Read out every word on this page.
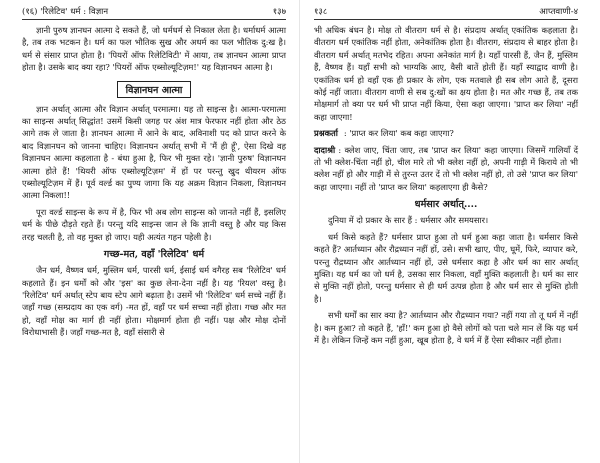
(१६) 'रिलेटिव' धर्म : विज्ञान	१३७

ज्ञानी पुरुष ज्ञानघन आत्मा दे सकते हैं, जो धर्मधर्म से निकाल लेता है। धर्माधर्म आत्मा है, तब तक भटकन है। धर्म का फल भौतिक सुख और अधर्म का फल भौतिक दु:ख है। धर्म से संसार प्राप्त होता है। 'पियरों ऑफ रिलेटिविटी' में आया, तब ज्ञानघन आत्मा प्राप्त होता है। उसके बाद क्या रहा? 'पियरों ऑफ एब्सोल्यूटिज़म!' यह विज्ञानघन आत्मा है।

विज्ञानघन आत्मा

ज्ञान अर्थात् आत्मा और विज्ञान अर्थात् परमात्मा। यह तो साइन्स है। आत्मा-परमात्मा का साइन्स अर्थात् सिद्धांत! उसमें किसी जगह पर अंश मात्र फेरफार नहीं होता और ठेठ आगे तक ले जाता है। ज्ञानघन आत्मा में आने के बाद, अविनाशी पद को प्राप्त करने के बाद विज्ञानघन को जानना चाहिए। विज्ञानघन अर्थात् सभी में 'मैं ही हूँ', ऐसा दिखे वह विज्ञानघन आत्मा कहलाता है - बंधा हुआ है, फिर भी मुक्त रहे। 'ज्ञानी पुरुष' विज्ञानघन आत्मा होते हैं! 'थियरी ऑफ एब्सोल्यूटिज़म' में हों पर परन्तु खुद थीयरम ऑफ एब्सोल्यूटिज़म में हैं। पूर्व वर्ल्ड का पुण्य जागा कि यह अक्रम विज्ञान निकला, विज्ञानघन आत्मा निकला!!

पूरा वर्ल्ड साइन्स के रूप में है, फिर भी अब लोग साइन्स को जानते नहीं हैं, इसलिए धर्म के पीछे दौड़ते रहते हैं। परन्तु यदि साइन्स जान ले कि ज्ञानी वस्तु है और यह किस तरह चलती है, तो वह मुक्त हो जाए। यही अत्यंत गहन पहेली है।

गच्छ-मत, वहाँ 'रिलेटिव' धर्म

जैन धर्म, वैष्णव धर्म, मुस्लिम धर्म, पारसी धर्म, ईसाई धर्म वगैरह सब 'रिलेटिव' धर्म कहलाते हैं। इन धर्मों को और 'इस' का कुछ लेना-देना नहीं है। यह 'रियल' वस्तु है। 'रिलेटिव' धर्म अर्थात् स्टेप बाय स्टेप आगे बढ़ाता है। उसमें भी 'रिलेटिव' धर्म सच्चे नहीं हैं। जहाँ गच्छ (सम्प्रदाय का एक वर्ग) -मत हों, वहाँ पर धर्म सच्चा नहीं होता। गच्छ और मत हो, वहाँ मोक्ष का मार्ग ही नहीं होता। मोक्षमार्ग होता ही नहीं। पक्ष और मोक्ष दोनों विरोधाभासी हैं। जहाँ गच्छ-मत है, वहाँ संसारी से

१३८	आप्तवाणी-४

भी अधिक बंधन है। मोक्ष तो वीतराग धर्म से है। संप्रदाय अर्थात् एकांतिक कहलाता है। वीतराग धर्म एकांतिक नहीं होता, अनेकांतिक होता है। वीतराग, संप्रदाय से बाहर होता है। वीतराग धर्म अर्थात् मतभेद रहित। अपना अनेकांत मार्ग है। यहाँ पारसी हैं, जैन हैं, मुस्लिम हैं, वैष्णव हैं। यहाँ सभी को भाग्यकि आए, वैसी बातें होती हैं। यहाँ स्याद्वाद वाणी है। एकांतिक धर्म हो वहाँ एक ही प्रकार के लोग, एक मतवाले ही सब लोग आते हैं, दूसरा कोई नहीं जाता। वीतराग वाणी से सब दु:खों का क्षय होता है। मत और गच्छ हैं, तब तक मोक्षमार्ग तो क्या पर धर्म भी प्राप्त नहीं किया, ऐसा कहा जाएगा। 'प्राप्त कर लिया' नहीं कहा जाएगा!

प्रश्नकर्ता : 'प्राप्त कर लिया' कब कहा जाएगा?

दादाश्री : क्लेश जाए, चिंता जाए, तब 'प्राप्त कर लिया' कहा जाएगा। जिसमें गालियाँ दें तो भी क्लेश-चिंता नहीं हो, चील मारे तो भी क्लेश नहीं हो, अपनी गाड़ी में किराये तो भी क्लेश नहीं हो और गाड़ी में से तुरन्त उतर दें तो भी क्लेश नहीं हो, तो उसे 'प्राप्त कर लिया' कहा जाएगा। नहीं तो 'प्राप्त कर लिया' कहलाएगा ही कैसे?

धर्मसार अर्थात्....

दुनिया में दो प्रकार के सार हैं : धर्मसार और समयसार।

धर्म किसे कहते हैं? धर्मसार प्राप्त हुआ तो धर्म हुआ कहा जाता है। धर्मसार किसे कहते हैं? आर्तध्यान और रौद्रध्यान नहीं हों, उसे। सभी खाए, पीए, घूमें, फिरे, व्यापार करे, परन्तु रौद्रध्यान और आर्तध्यान नहीं हों, उसे धर्मसार कहा है और धर्म का सार अर्थात् मुक्ति। यह धर्म का जो धर्म है, उसका सार निकला, वहाँ मुक्ति कहलाती है। धर्म का सार से मुक्ति नहीं होतो, परन्तु धर्मसार से ही धर्म उत्पन्न होता है और धर्म सार से मुक्ति होती है।

सभी धर्मों का सार क्या है? आर्तध्यान और रौद्रध्यान गया? नहीं गया तो तू धर्म में नहीं है। कम हुआ? तो कहते हैं, 'हाँ!' कम हुआ हो वैसे लोगों को पता चले मान लें कि यह धर्म में है। लेकिन जिन्हें कम नहीं हुआ, खूब होता है, वे धर्म में हैं ऐसा स्वीकार नहीं होता।
